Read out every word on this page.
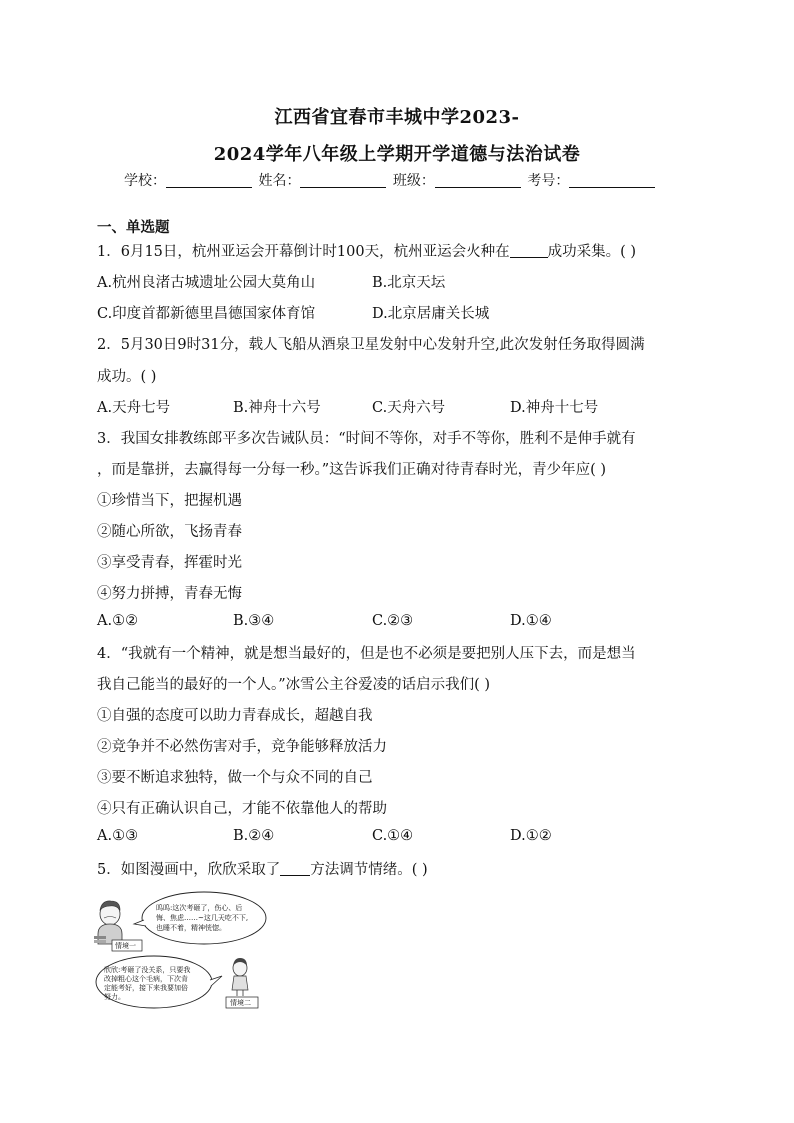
江西省宜春市丰城中学2023-
2024学年八年级上学期开学道德与法治试卷
学校：	姓名：	班级：	考号：
一、单选题
1．6月15日，杭州亚运会开幕倒计时100天，杭州亚运会火种在	成功采集。( )
A.杭州良渚古城遗址公园大莫角山	B.北京天坛
C.印度首都新德里昌德国家体育馆	D.北京居庸关长城
2．5月30日9时31分，载人飞船从酒泉卫星发射中心发射升空,此次发射任务取得圆满
成功。( )
A.天舟七号	B.神舟十六号	C.天舟六号	D.神舟十七号
3．我国女排教练郎平多次告诫队员：“时间不等你，对手不等你，胜利不是伸手就有
，而是靠拼，去赢得每一分每一秒。”这告诉我们正确对待青春时光，青少年应( )
①珍惜当下，把握机遇
②随心所欲，飞扬青春
③享受青春，挥霍时光
④努力拼搏，青春无悔
A.①②	B.③④	C.②③	D.①④
4．“我就有一个精神，就是想当最好的，但是也不必须是要把别人压下去，而是想当
我自己能当的最好的一个人。”冰雪公主谷爱凌的话启示我们( )
①自强的态度可以助力青春成长，超越自我
②竞争并不必然伤害对手，竞争能够释放活力
③要不断追求独特，做一个与众不同的自己
④只有正确认识自己，才能不依靠他人的帮助
A.①③	B.②④	C.①④	D.①②
5．如图漫画中，欣欣采取了 方法调节情绪。( )
呜呜:这次考砸了，伤心、后
悔、焦虑……~这几天吃不下,
也睡不着，精神恍惚。
情境一
欣欣:考砸了没关系，只要我
改掉粗心这个毛病，下次肯
定能考好，接下来我要加倍
努力。
情境二
